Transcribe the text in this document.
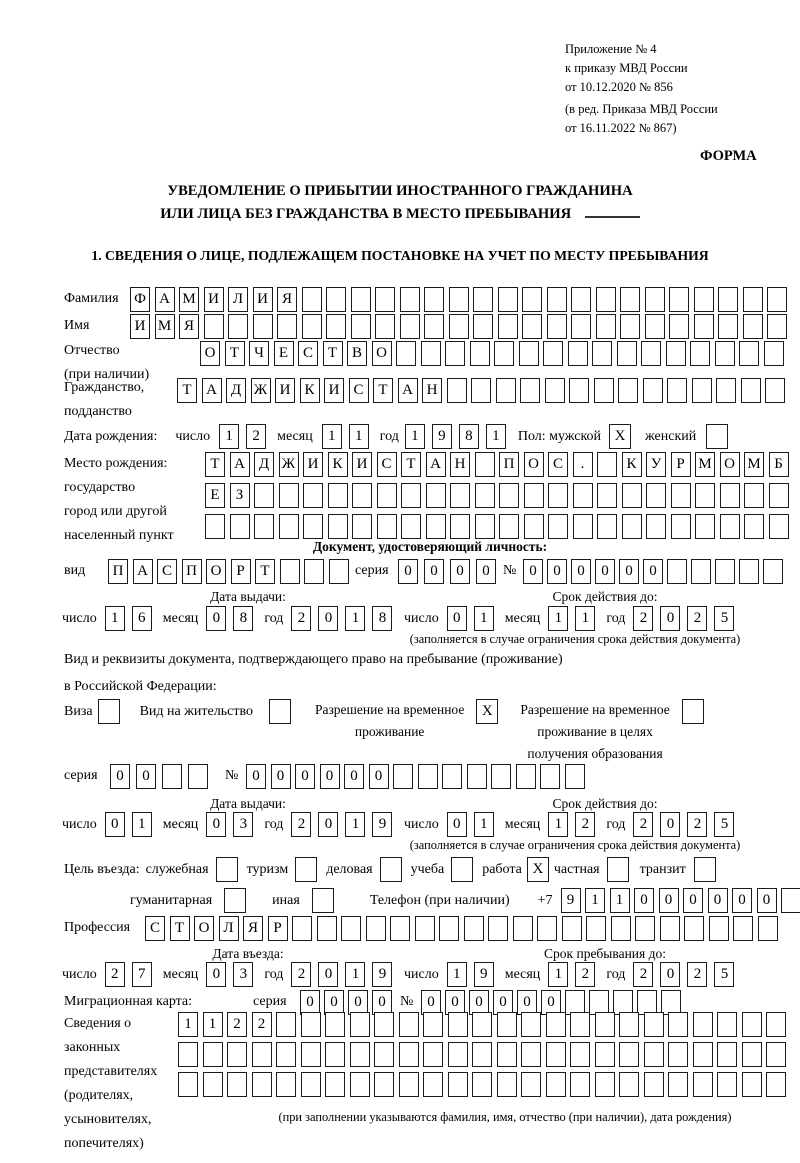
Приложение № 4
к приказу МВД России
от 10.12.2020 № 856
(в ред. Приказа МВД России
от 16.11.2022 № 867)
ФОРМА
УВЕДОМЛЕНИЕ О ПРИБЫТИИ ИНОСТРАННОГО ГРАЖДАНИНА
ИЛИ ЛИЦА БЕЗ ГРАЖДАНСТВА В МЕСТО ПРЕБЫВАНИЯ
1. СВЕДЕНИЯ О ЛИЦЕ, ПОДЛЕЖАЩЕМ ПОСТАНОВКЕ НА УЧЕТ ПО МЕСТУ ПРЕБЫВАНИЯ
Фамилия Ф А М И Л И Я
Имя	И М Я
Отчество
(при наличии)
О Т	Ч	Е С Т В О
Гражданство,
подданство
Т А Д Ж И К И С Т А Н
Дата рождения: число	1	2	месяц	1	1	год 1	9	8	1	Пол: мужской X	женский
Место рождения:
государство
город или другой
населенный пункт
Т А Д Ж И К И С Т А Н	П О С	.	К У	Р М О М Б
Е	З
Документ, удостоверяющий личность:
вид	П А С П О Р	Т	серия	0	0	0	0 № 0	0	0	0	0	0
Дата выдачи:	Срок действия до:
число 1	6	месяц 0	8	год 2	0	1	8	число 0	1	месяц 1	1	год 2	0	2	5
(заполняется в случае ограничения срока действия документа)
Вид и реквизиты документа, подтверждающего право на пребывание (проживание)
в Российской Федерации:
Виза	Вид на жительство	Разрешение на временное
проживание
X	Разрешение на временное
проживание в целях
получения образования
серия	0	0	№ 0	0	0	0	0	0
Дата выдачи:	Срок действия до:
число 0	1	месяц 0	3	год 2	0	1	9	число 0	1	месяц 1	2	год 2	0	2	5
(заполняется в случае ограничения срока действия документа)
Цель въезда: служебная	туризм	деловая	учеба	работа X частная	транзит
гуманитарная	иная	Телефон (при наличии) +7 9	1	1	0	0	0	0	0	0
Профессия	С Т О Л Я	Р
Дата въезда:	Срок пребывания до:
число 2	7	месяц 0	3	год 2	0	1	9	число 1	9	месяц 1	2	год 2	0	2	5
Миграционная карта:	серия	0	0	0	0	№ 0	0	0	0	0	0
Сведения о
законных
представителях
(родителях,
усыновителях,
попечителях)
1	1	2	2
(при заполнении указываются фамилия, имя, отчество (при наличии), дата рождения)
